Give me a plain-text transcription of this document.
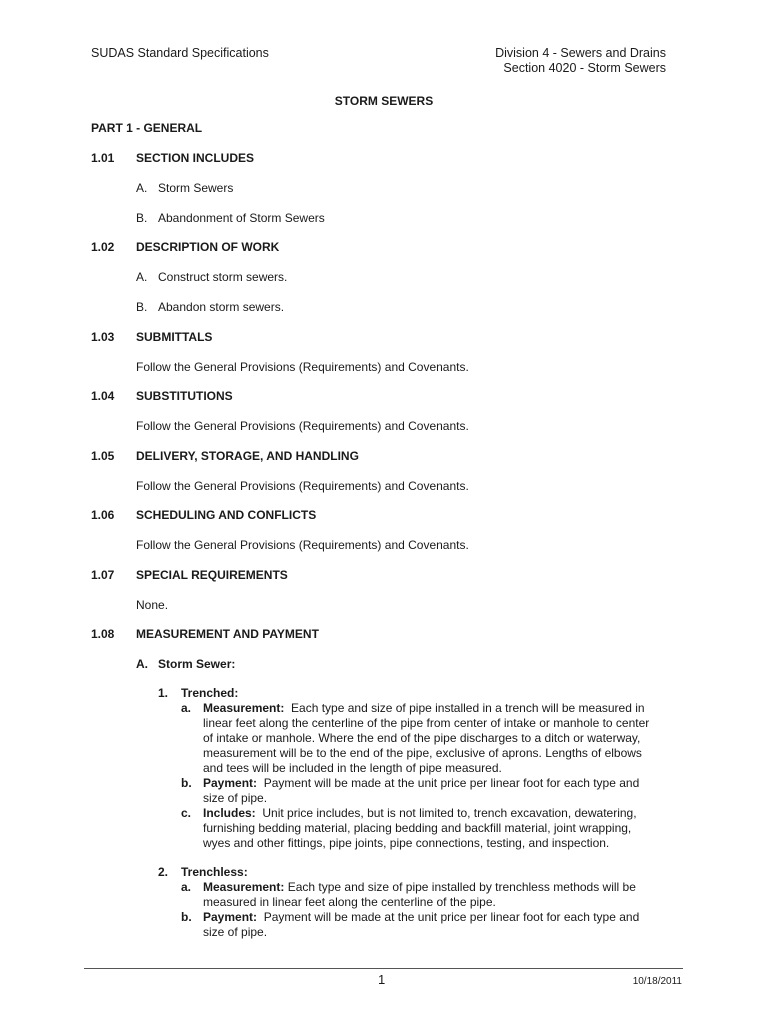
SUDAS Standard Specifications	Division 4 - Sewers and Drains
Section 4020 - Storm Sewers
STORM SEWERS
PART 1 - GENERAL
1.01 SECTION INCLUDES
A. Storm Sewers
B. Abandonment of Storm Sewers
1.02 DESCRIPTION OF WORK
A. Construct storm sewers.
B. Abandon storm sewers.
1.03 SUBMITTALS
Follow the General Provisions (Requirements) and Covenants.
1.04 SUBSTITUTIONS
Follow the General Provisions (Requirements) and Covenants.
1.05 DELIVERY, STORAGE, AND HANDLING
Follow the General Provisions (Requirements) and Covenants.
1.06 SCHEDULING AND CONFLICTS
Follow the General Provisions (Requirements) and Covenants.
1.07 SPECIAL REQUIREMENTS
None.
1.08 MEASUREMENT AND PAYMENT
A. Storm Sewer:
1. Trenched:
a. Measurement: Each type and size of pipe installed in a trench will be measured in
linear feet along the centerline of the pipe from center of intake or manhole to center
of intake or manhole. Where the end of the pipe discharges to a ditch or waterway,
measurement will be to the end of the pipe, exclusive of aprons. Lengths of elbows
and tees will be included in the length of pipe measured.
b. Payment: Payment will be made at the unit price per linear foot for each type and
size of pipe.
c. Includes: Unit price includes, but is not limited to, trench excavation, dewatering,
furnishing bedding material, placing bedding and backfill material, joint wrapping,
wyes and other fittings, pipe joints, pipe connections, testing, and inspection.
2. Trenchless:
a. Measurement: Each type and size of pipe installed by trenchless methods will be
measured in linear feet along the centerline of the pipe.
b. Payment: Payment will be made at the unit price per linear foot for each type and
size of pipe.
1	10/18/2011
